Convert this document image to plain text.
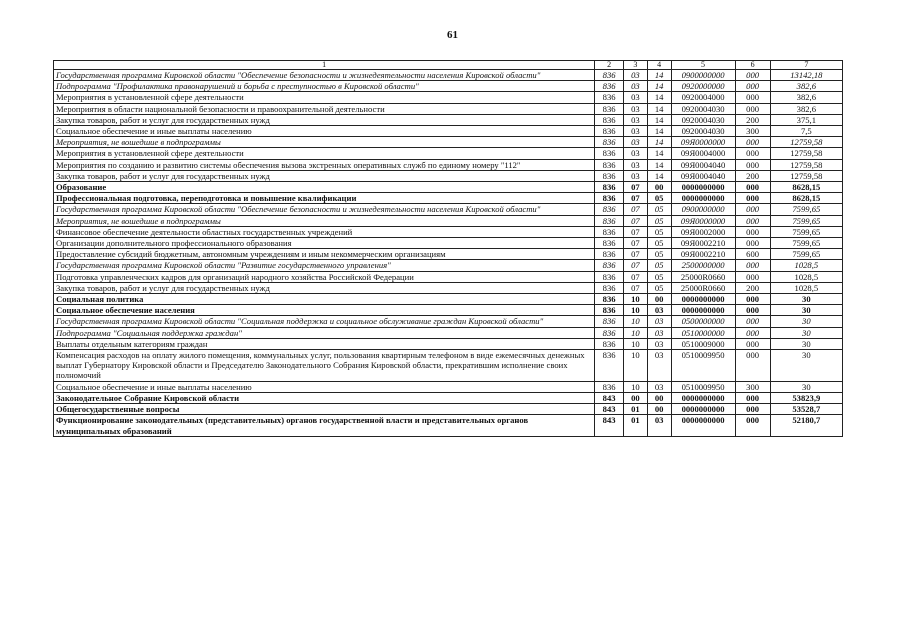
61
1	2	3	4	5	6	7
Государственная программа Кировской области "Обеспечение безопасности и жизнедеятельности населения Кировской области"	836	03	14	0900000000	000	13142,18
Подпрограмма "Профилактика правонарушений и борьба с преступностью в Кировской области"	836	03	14	0920000000	000	382,6
Мероприятия в установленной сфере деятельности	836	03	14	0920004000	000	382,6
Мероприятия в области национальной безопасности и правоохранительной деятельности	836	03	14	0920004030	000	382,6
Закупка товаров, работ и услуг для государственных нужд	836	03	14	0920004030	200	375,1
Социальное обеспечение и иные выплаты населению	836	03	14	0920004030	300	7,5
Мероприятия, не вошедшие в подпрограммы	836	03	14	09Я0000000	000	12759,58
Мероприятия в установленной сфере деятельности	836	03	14	09Я0004000	000	12759,58
Мероприятия по созданию и развитию системы обеспечения вызова экстренных оперативных служб по единому номеру "112"	836	03	14	09Я0004040	000	12759,58
Закупка товаров, работ и услуг для государственных нужд	836	03	14	09Я0004040	200	12759,58
Образование	836	07	00	0000000000	000	8628,15
Профессиональная подготовка, переподготовка и повышение квалификации	836	07	05	0000000000	000	8628,15
Государственная программа Кировской области "Обеспечение безопасности и жизнедеятельности населения Кировской области"	836	07	05	0900000000	000	7599,65
Мероприятия, не вошедшие в подпрограммы	836	07	05	09Я0000000	000	7599,65
Финансовое обеспечение деятельности областных государственных учреждений	836	07	05	09Я0002000	000	7599,65
Организации дополнительного профессионального образования	836	07	05	09Я0002210	000	7599,65
Предоставление субсидий бюджетным, автономным учреждениям и иным некоммерческим организациям	836	07	05	09Я0002210	600	7599,65
Государственная программа Кировской области "Развитие государственного управления"	836	07	05	2500000000	000	1028,5
Подготовка управленческих кадров для организаций народного хозяйства Российской Федерации	836	07	05	25000R0660	000	1028,5
Закупка товаров, работ и услуг для государственных нужд	836	07	05	25000R0660	200	1028,5
Социальная политика	836	10	00	0000000000	000	30
Социальное обеспечение населения	836	10	03	0000000000	000	30
Государственная программа Кировской области "Социальная поддержка и социальное обслуживание граждан Кировской области"	836	10	03	0500000000	000	30
Подпрограмма "Социальная поддержка граждан"	836	10	03	0510000000	000	30
Выплаты отдельным категориям граждан	836	10	03	0510009000	000	30
Компенсация расходов на оплату жилого помещения, коммунальных услуг, пользования квартирным телефоном в виде ежемесячных денежных выплат Губернатору Кировской области и Председателю Законодательного Собрания Кировской области, прекратившим исполнение своих полномочий	836	10	03	0510009950	000	30
Социальное обеспечение и иные выплаты населению	836	10	03	0510009950	300	30
Законодательное Собрание Кировской области	843	00	00	0000000000	000	53823,9
Общегосударственные вопросы	843	01	00	0000000000	000	53528,7
Функционирование законодательных (представительных) органов государственной власти и представительных органов муниципальных образований	843	01	03	0000000000	000	52180,7
